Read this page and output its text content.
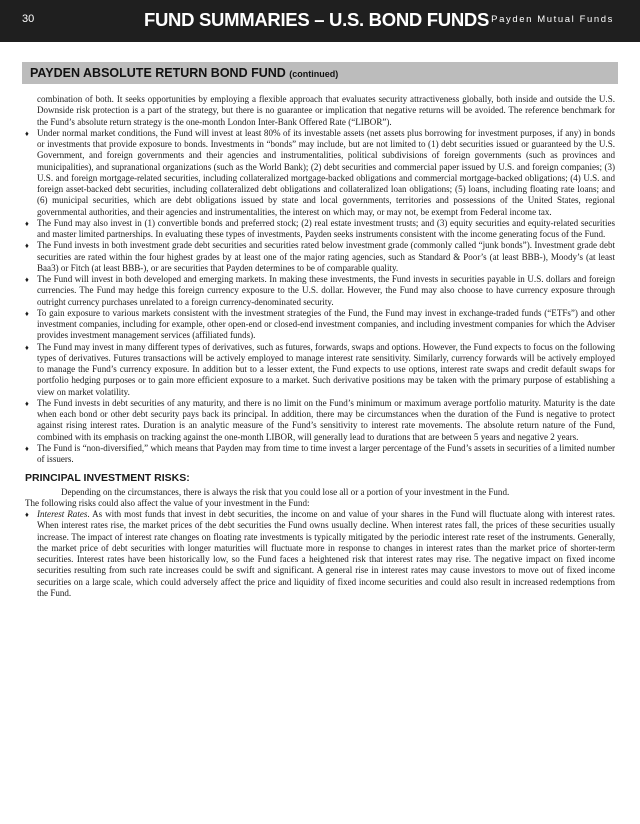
30	FUND SUMMARIES – U.S. BOND FUNDS Payden Mutual Funds
PAYDEN ABSOLUTE RETURN BOND FUND (continued)

combination of both. It seeks opportunities by employing a flexible approach that evaluates security attractiveness globally, both inside and outside the U.S. Downside risk protection is a part of the strategy, but there is no guarantee or implication that negative returns will be avoided. The reference benchmark for the Fund’s absolute return strategy is the one-month London Inter-Bank Offered Rate (“LIBOR”).

♦ Under normal market conditions, the Fund will invest at least 80% of its investable assets (net assets plus borrowing for investment purposes, if any) in bonds or investments that provide exposure to bonds. Investments in “bonds” may include, but are not limited to (1) debt securities issued or guaranteed by the U.S. Government, and foreign governments and their agencies and instrumentalities, political subdivisions of foreign governments (such as provinces and municipalities), and supranational organizations (such as the World Bank); (2) debt securities and commercial paper issued by U.S. and foreign companies; (3) U.S. and foreign mortgage-related securities, including collateralized mortgage-backed obligations and commercial mortgage-backed obligations; (4) U.S. and foreign asset-backed debt securities, including collateralized debt obligations and collateralized loan obligations; (5) loans, including floating rate loans; and (6) municipal securities, which are debt obligations issued by state and local governments, territories and possessions of the United States, regional governmental authorities, and their agencies and instrumentalities, the interest on which may, or may not, be exempt from Federal income tax.
♦ The Fund may also invest in (1) convertible bonds and preferred stock; (2) real estate investment trusts; and (3) equity securities and equity-related securities and master limited partnerships. In evaluating these types of investments, Payden seeks instruments consistent with the income generating focus of the Fund.
♦ The Fund invests in both investment grade debt securities and securities rated below investment grade (commonly called “junk bonds”). Investment grade debt securities are rated within the four highest grades by at least one of the major rating agencies, such as Standard & Poor’s (at least BBB-), Moody’s (at least Baa3) or Fitch (at least BBB-), or are securities that Payden determines to be of comparable quality.
♦ The Fund will invest in both developed and emerging markets. In making these investments, the Fund invests in securities payable in U.S. dollars and foreign currencies. The Fund may hedge this foreign currency exposure to the U.S. dollar. However, the Fund may also choose to have currency exposure through outright currency purchases unrelated to a foreign currency-denominated security.
♦ To gain exposure to various markets consistent with the investment strategies of the Fund, the Fund may invest in exchange-traded funds (“ETFs”) and other investment companies, including for example, other open-end or closed-end investment companies, and including investment companies for which the Adviser provides investment management services (affiliated funds).
♦ The Fund may invest in many different types of derivatives, such as futures, forwards, swaps and options. However, the Fund expects to focus on the following types of derivatives. Futures transactions will be actively employed to manage interest rate sensitivity. Similarly, currency forwards will be actively employed to manage the Fund’s currency exposure. In addition but to a lesser extent, the Fund expects to use options, interest rate swaps and credit default swaps for portfolio hedging purposes or to gain more efficient exposure to a market. Such derivative positions may be taken with the primary purpose of establishing a view on market volatility.
♦ The Fund invests in debt securities of any maturity, and there is no limit on the Fund’s minimum or maximum average portfolio maturity. Maturity is the date when each bond or other debt security pays back its principal. In addition, there may be circumstances when the duration of the Fund is negative to protect against rising interest rates. Duration is an analytic measure of the Fund’s sensitivity to interest rate movements. The absolute return nature of the Fund, combined with its emphasis on tracking against the one-month LIBOR, will generally lead to durations that are between 5 years and negative 2 years.
♦ The Fund is “non-diversified,” which means that Payden may from time to time invest a larger percentage of the Fund’s assets in securities of a limited number of issuers.
PRINCIPAL INVESTMENT RISKS:

Depending on the circumstances, there is always the risk that you could lose all or a portion of your investment in the Fund.

The following risks could also affect the value of your investment in the Fund:

♦ Interest Rates. As with most funds that invest in debt securities, the income on and value of your shares in the Fund will fluctuate along with interest rates. When interest rates rise, the market prices of the debt securities the Fund owns usually decline. When interest rates fall, the prices of these securities usually increase. The impact of interest rate changes on floating rate investments is typically mitigated by the periodic interest rate reset of the instruments. Generally, the market price of debt securities with longer maturities will fluctuate more in response to changes in interest rates than the market price of shorter-term securities. Interest rates have been historically low, so the Fund faces a heightened risk that interest rates may rise. The negative impact on fixed income securities resulting from such rate increases could be swift and significant. A general rise in interest rates may cause investors to move out of fixed income securities on a large scale, which could adversely affect the price and liquidity of fixed income securities and could also result in increased redemptions from the Fund.
